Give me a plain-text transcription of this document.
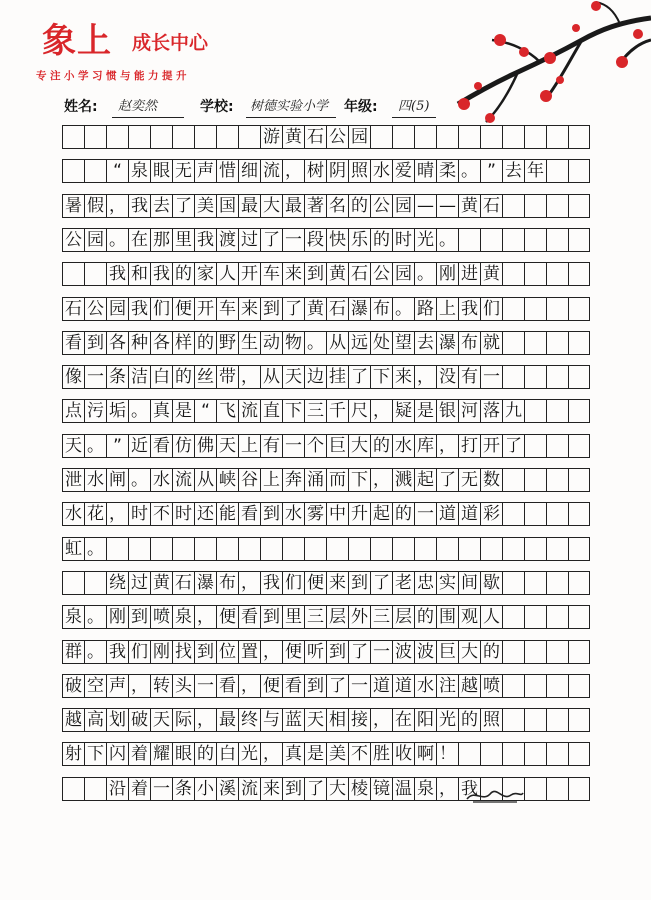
象上 成长中心
专注小学习惯与能力提升
姓名: 赵奕然	学校: 树德实验小学 年级: 四(5)
游 黄 石 公 园
“ 泉 眼 无 声 惜 细 流 ， 树 阴 照 水 爱 晴 柔 。 ” 去 年
暑 假 ， 我 去 了 美 国 最 大 最 著 名 的 公 园 — — 黄 石
公 园 。 在 那 里 我 渡 过 了 一 段 快 乐 的 时 光 。
我 和 我 的 家 人 开 车 来 到 黄 石 公 园 。 刚 进 黄
石 公 园 我 们 便 开 车 来 到 了 黄 石 瀑 布 。 路 上 我 们
看 到 各 种 各 样 的 野 生 动 物 。 从 远 处 望 去 瀑 布 就
像 一 条 洁 白 的 丝 带 ， 从 天 边 挂 了 下 来 ， 没 有 一
点 污 垢 。 真 是 “ 飞 流 直 下 三 千 尺 ， 疑 是 银 河 落 九
天 。 ” 近 看 仿 佛 天 上 有 一 个 巨 大 的 水 库 ， 打 开 了
泄 水 闸 。 水 流 从 峡 谷 上 奔 涌 而 下 ， 溅 起 了 无 数
水 花 ， 时 不 时 还 能 看 到 水 雾 中 升 起 的 一 道 道 彩
虹 。
绕 过 黄 石 瀑 布 ， 我 们 便 来 到 了 老 忠 实 间 歇
泉 。 刚 到 喷 泉 ， 便 看 到 里 三 层 外 三 层 的 围 观 人
群 。 我 们 刚 找 到 位 置 ， 便 听 到 了 一 波 波 巨 大 的
破 空 声 ， 转 头 一 看 ， 便 看 到 了 一 道 道 水 注 越 喷
越 高 划 破 天 际 ， 最 终 与 蓝 天 相 接 ， 在 阳 光 的 照
射 下 闪 着 耀 眼 的 白 光 ， 真 是 美 不 胜 收 啊 ！
沿 着 一 条 小 溪 流 来 到 了 大 棱 镜 温 泉 ， 我
